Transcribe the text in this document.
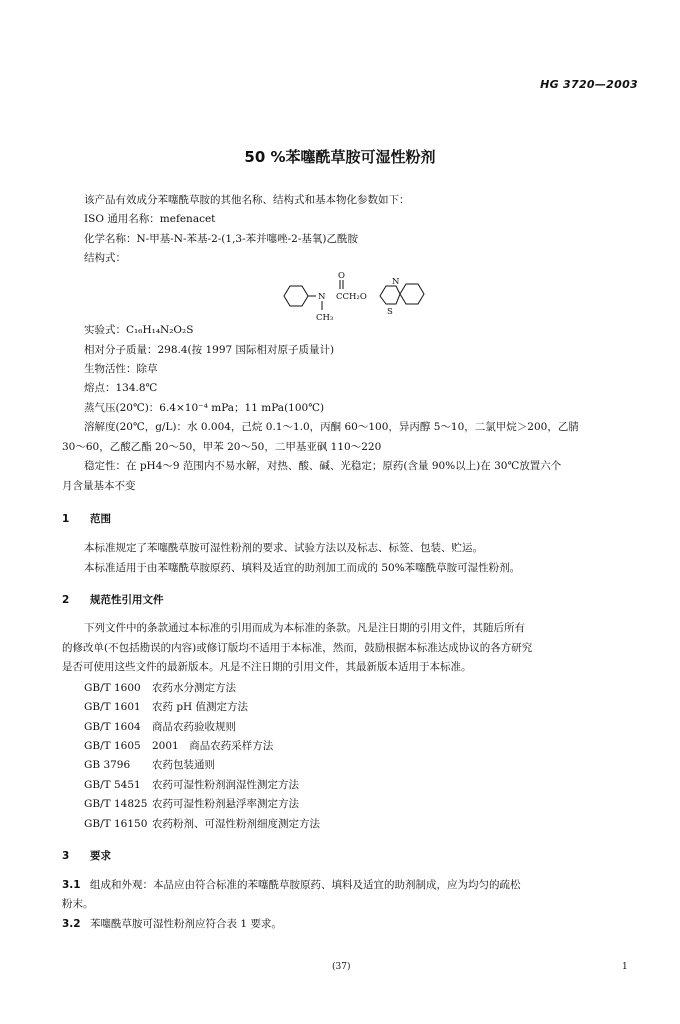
HG 3720—2003
50 %苯噻酰草胺可湿性粉剂
该产品有效成分苯噻酰草胺的其他名称、结构式和基本物化参数如下：
ISO 通用名称：mefenacet
化学名称：N-甲基-N-苯基-2-(1,3-苯并噻唑-2-基氧)乙酰胺
结构式：
N
CH₃
O
CCH₂O
S
N
实验式：C₁₆H₁₄N₂O₂S
相对分子质量：298.4(按 1997 国际相对原子质量计)
生物活性：除草
熔点：134.8℃
蒸气压(20℃)：6.4×10⁻⁴ mPa；11 mPa(100℃)
溶解度(20℃，g/L)：水 0.004，己烷 0.1～1.0，丙酮 60～100，异丙醇 5～10，二氯甲烷＞200，乙腈
30～60，乙酸乙酯 20～50，甲苯 20～50，二甲基亚砜 110～220
稳定性：在 pH4～9 范围内不易水解，对热、酸、碱、光稳定；原药(含量 90%以上)在 30℃放置六个
月含量基本不变
1 范围
本标准规定了苯噻酰草胺可湿性粉剂的要求、试验方法以及标志、标签、包装、贮运。
本标准适用于由苯噻酰草胺原药、填料及适宜的助剂加工而成的 50%苯噻酰草胺可湿性粉剂。
2 规范性引用文件
下列文件中的条款通过本标准的引用而成为本标准的条款。凡是注日期的引用文件，其随后所有
的修改单(不包括勘误的内容)或修订版均不适用于本标准，然而，鼓励根据本标准达成协议的各方研究
是否可使用这些文件的最新版本。凡是不注日期的引用文件，其最新版本适用于本标准。
GB/T 1600 农药水分测定方法
GB/T 1601 农药 pH 值测定方法
GB/T 1604 商品农药验收规则
GB/T 1605 2001　商品农药采样方法
GB 3796 农药包装通则
GB/T 5451 农药可湿性粉剂润湿性测定方法
GB/T 14825 农药可湿性粉剂悬浮率测定方法
GB/T 16150 农药粉剂、可湿性粉剂细度测定方法
3 要求
3.1 组成和外观：本品应由符合标准的苯噻酰草胺原药、填料及适宜的助剂制成，应为均匀的疏松
粉末。
3.2 苯噻酰草胺可湿性粉剂应符合表 1 要求。
(37)	1
